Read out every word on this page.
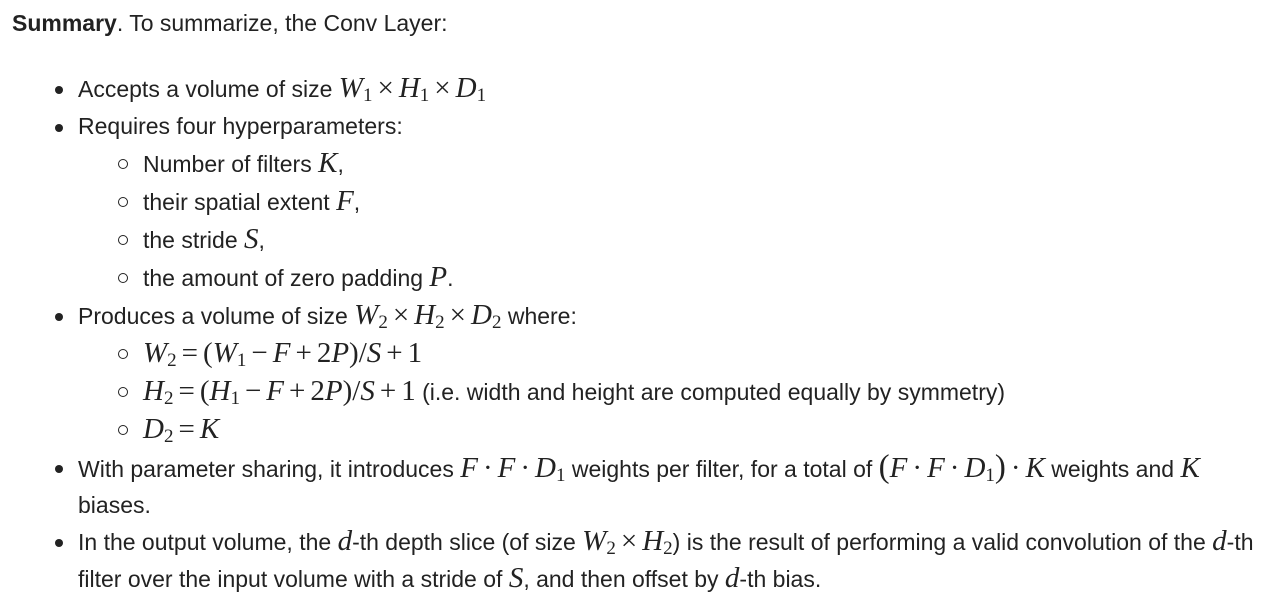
Summary. To summarize, the Conv Layer:

Accepts a volume of size $W_1 \times H_1 \times D_1$
Requires four hyperparameters:
Number of filters K,
their spatial extent F,
the stride S,
the amount of zero padding P.
Produces a volume of size $W_2 \times H_2 \times D_2$ where:
$W_2 = (W_1 - F + 2P)/S + 1$
$H_2 = (H_1 - F + 2P)/S + 1$ (i.e. width and height are computed equally by symmetry)
$D_2 = K$
With parameter sharing, it introduces $F \cdot F \cdot D_1$ weights per filter, for a total of $(F \cdot F \cdot D_1) \cdot K$ weights and K biases.
In the output volume, the d-th depth slice (of size $W_2 \times H_2$) is the result of performing a valid convolution of the d-th filter over the input volume with a stride of S, and then offset by d-th bias.
